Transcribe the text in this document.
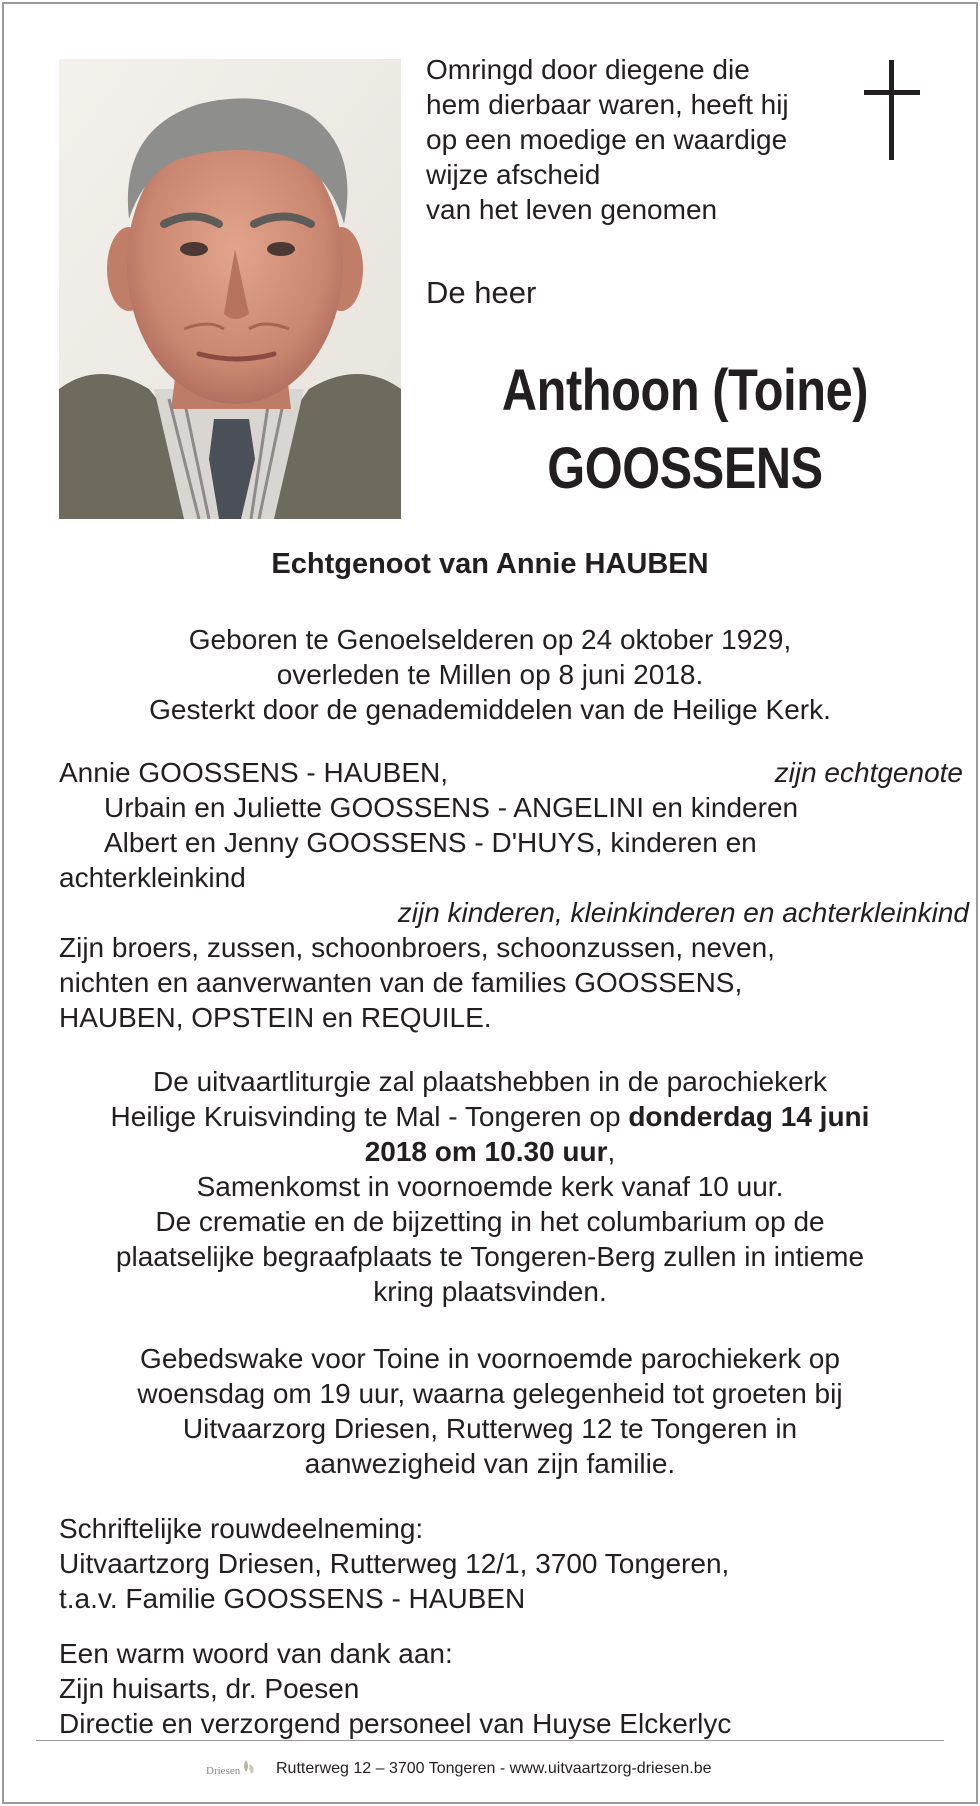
Omringd door diegene die
hem dierbaar waren, heeft hij
op een moedige en waardige
wijze afscheid
van het leven genomen
De heer
Anthoon (Toine)
GOOSSENS
Echtgenoot van Annie HAUBEN
Geboren te Genoelselderen op 24 oktober 1929,
overleden te Millen op 8 juni 2018.
Gesterkt door de genademiddelen van de Heilige Kerk.
Annie GOOSSENS - HAUBEN,	zijn echtgenote
Urbain en Juliette GOOSSENS - ANGELINI en kinderen
Albert en Jenny GOOSSENS - D'HUYS, kinderen en
achterkleinkind
zijn kinderen, kleinkinderen en achterkleinkind
Zijn broers, zussen, schoonbroers, schoonzussen, neven,
nichten en aanverwanten van de families GOOSSENS,
HAUBEN, OPSTEIN en REQUILE.
De uitvaartliturgie zal plaatshebben in de parochiekerk
Heilige Kruisvinding te Mal - Tongeren op donderdag 14 juni
2018 om 10.30 uur,
Samenkomst in voornoemde kerk vanaf 10 uur.
De crematie en de bijzetting in het columbarium op de
plaatselijke begraafplaats te Tongeren-Berg zullen in intieme
kring plaatsvinden.
Gebedswake voor Toine in voornoemde parochiekerk op
woensdag om 19 uur, waarna gelegenheid tot groeten bij
Uitvaarzorg Driesen, Rutterweg 12 te Tongeren in
aanwezigheid van zijn familie.
Schriftelijke rouwdeelneming:
Uitvaartzorg Driesen, Rutterweg 12/1, 3700 Tongeren,
t.a.v. Familie GOOSSENS - HAUBEN
Een warm woord van dank aan:
Zijn huisarts, dr. Poesen
Directie en verzorgend personeel van Huyse Elckerlyc
Driesen Rutterweg 12 – 3700 Tongeren - www.uitvaartzorg-driesen.be
